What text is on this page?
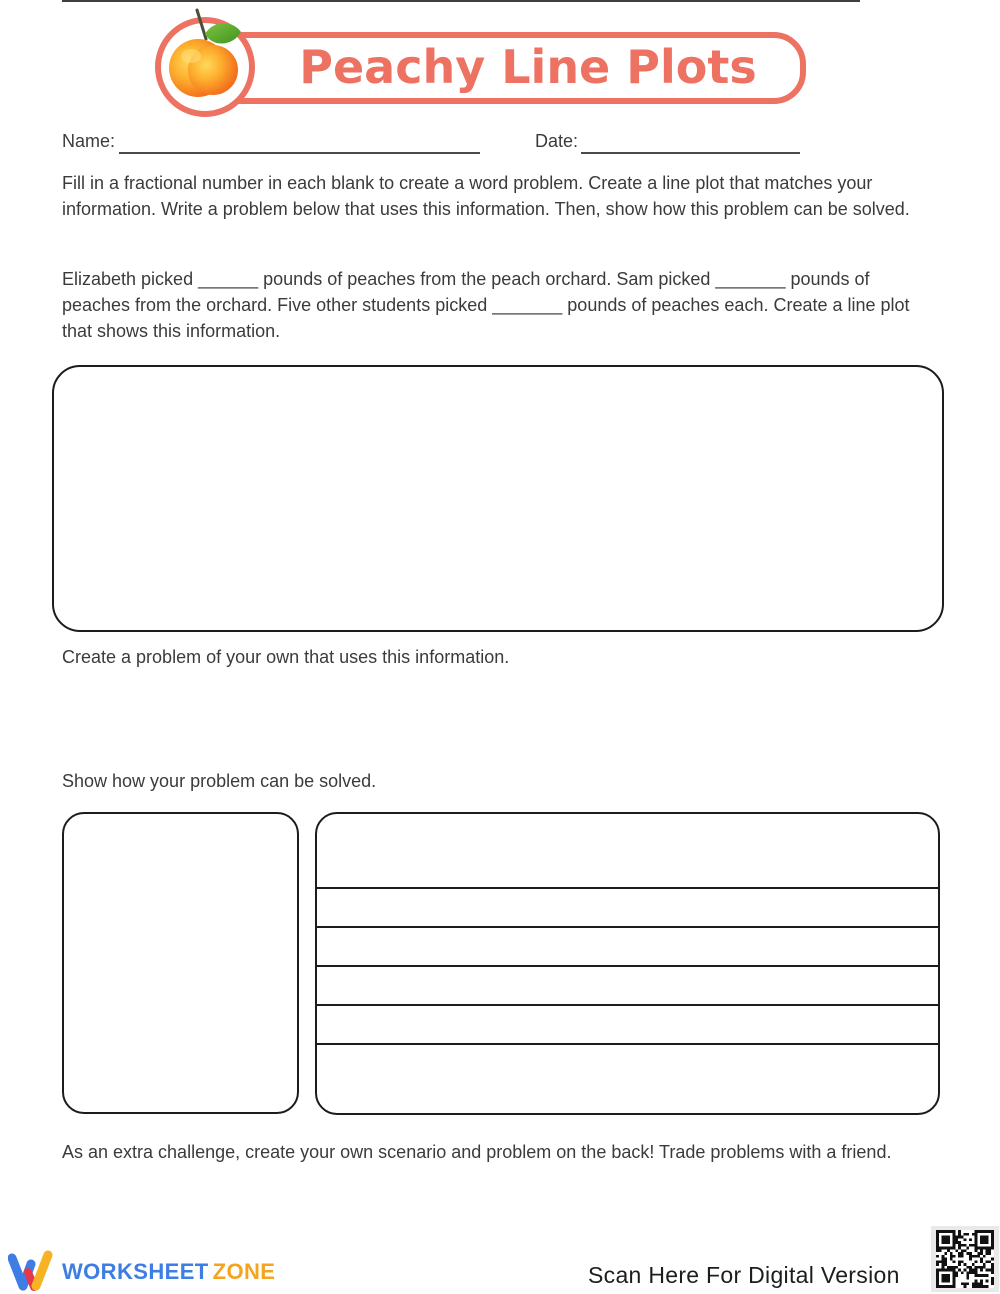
Peachy Line Plots
Name:	Date:
Fill in a fractional number in each blank to create a word problem. Create a line plot that matches your information. Write a problem below that uses this information. Then, show how this problem can be solved.
Elizabeth picked ______ pounds of peaches from the peach orchard. Sam picked _______ pounds of peaches from the orchard. Five other students picked _______ pounds of peaches each. Create a line plot that shows this information.
Create a problem of your own that uses this information.
Show how your problem can be solved.
As an extra challenge, create your own scenario and problem on the back! Trade problems with a friend.
WORKSHEET ZONE	Scan Here For Digital Version
